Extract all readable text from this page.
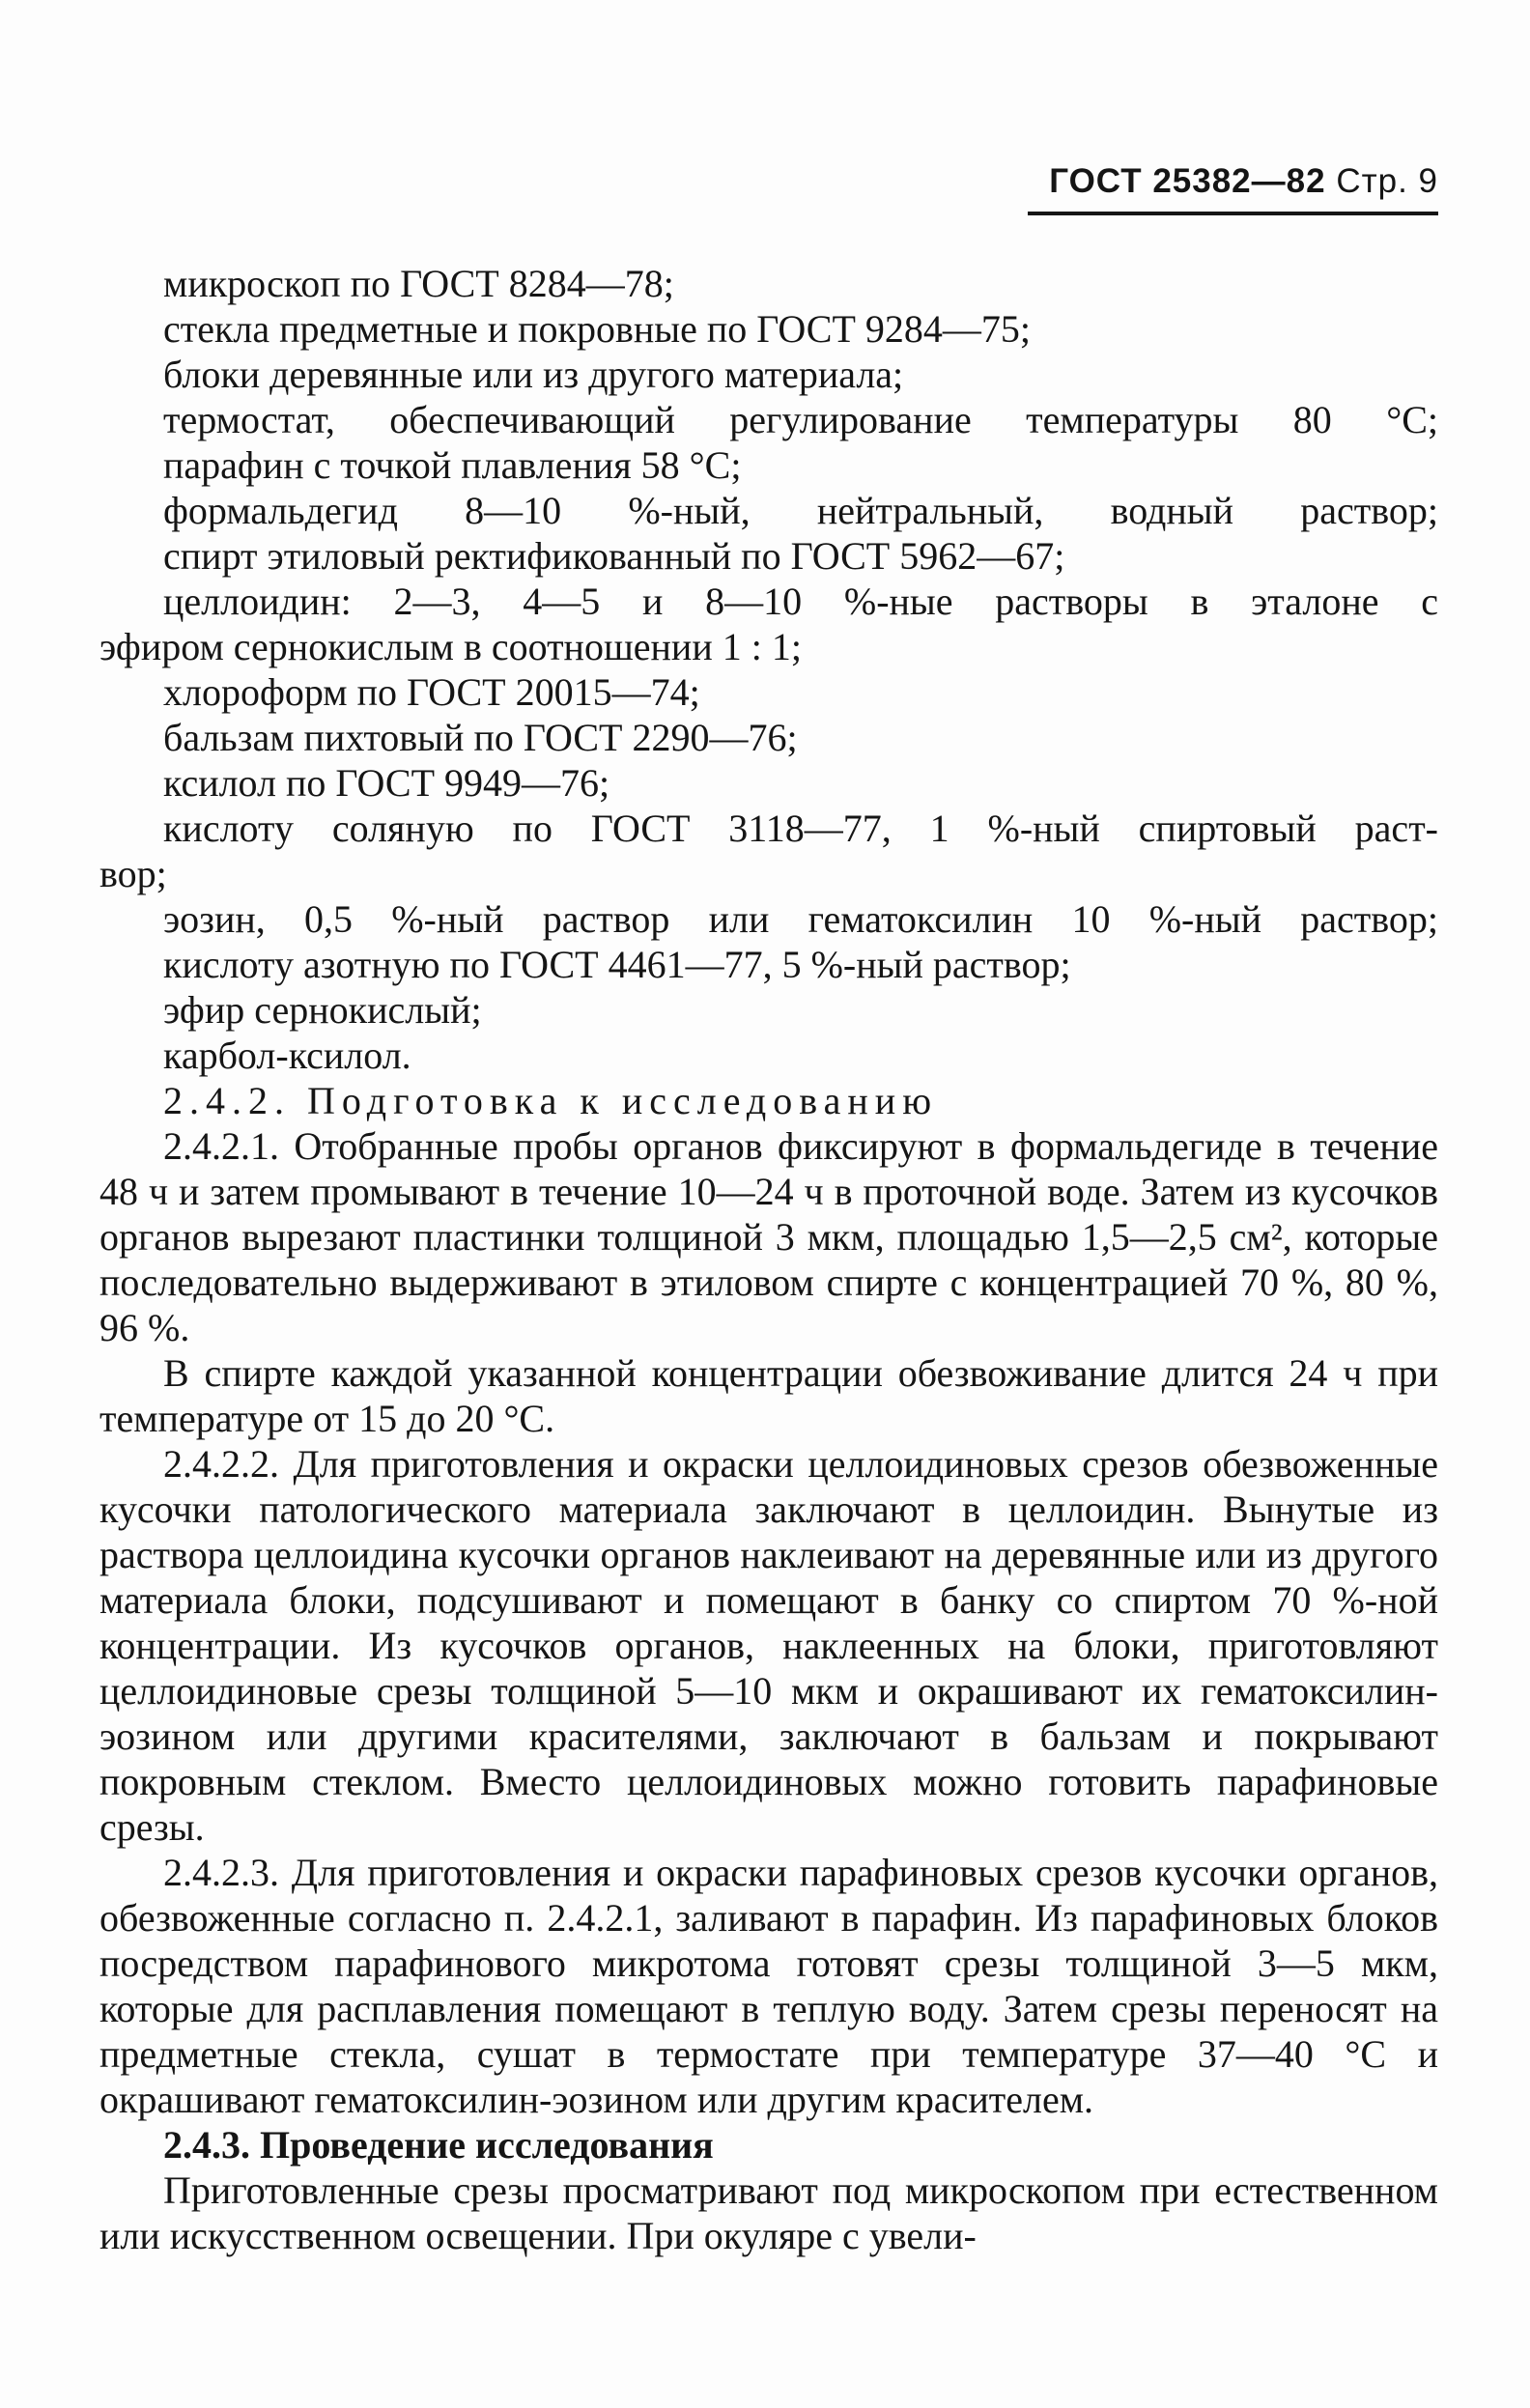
ГОСТ 25382—82 Стр. 9

микроскоп по ГОСТ 8284—78;

стекла предметные и покровные по ГОСТ 9284—75;

блоки деревянные или из другого материала;

термостат, обеспечивающий регулирование температуры 80 °С;

парафин с точкой плавления 58 °С;

формальдегид 8—10 %-ный, нейтральный, водный раствор;

спирт этиловый ректификованный по ГОСТ 5962—67;

целлоидин: 2—3, 4—5 и 8—10 %-ные растворы в эталоне с

эфиром сернокислым в соотношении 1 : 1;

хлороформ по ГОСТ 20015—74;

бальзам пихтовый по ГОСТ 2290—76;

ксилол по ГОСТ 9949—76;

кислоту соляную по ГОСТ 3118—77, 1 %-ный спиртовый раст-

вор;

эозин, 0,5 %-ный раствор или гематоксилин 10 %-ный раствор;

кислоту азотную по ГОСТ 4461—77, 5 %-ный раствор;

эфир сернокислый;

карбол-ксилол.

2.4.2. Подготовка к исследованию

2.4.2.1. Отобранные пробы органов фиксируют в формальдегиде в течение 48 ч и затем промывают в течение 10—24 ч в проточной воде. Затем из кусочков органов вырезают пластинки толщиной 3 мкм, площадью 1,5—2,5 см², которые последовательно выдерживают в этиловом спирте с концентрацией 70 %, 80 %, 96 %.

В спирте каждой указанной концентрации обезвоживание длится 24 ч при температуре от 15 до 20 °С.

2.4.2.2. Для приготовления и окраски целлоидиновых срезов обезвоженные кусочки патологического материала заключают в целлоидин. Вынутые из раствора целлоидина кусочки органов наклеивают на деревянные или из другого материала блоки, подсушивают и помещают в банку со спиртом 70 %-ной концентрации. Из кусочков органов, наклеенных на блоки, приготовляют целлоидиновые срезы толщиной 5—10 мкм и окрашивают их гематоксилин-эозином или другими красителями, заключают в бальзам и покрывают покровным стеклом. Вместо целлоидиновых можно готовить парафиновые срезы.

2.4.2.3. Для приготовления и окраски парафиновых срезов кусочки органов, обезвоженные согласно п. 2.4.2.1, заливают в парафин. Из парафиновых блоков посредством парафинового микротома готовят срезы толщиной 3—5 мкм, которые для расплавления помещают в теплую воду. Затем срезы переносят на предметные стекла, сушат в термостате при температуре 37—40 °С и окрашивают гематоксилин-эозином или другим красителем.

2.4.3. Проведение исследования

Приготовленные срезы просматривают под микроскопом при естественном или искусственном освещении. При окуляре с увели-
